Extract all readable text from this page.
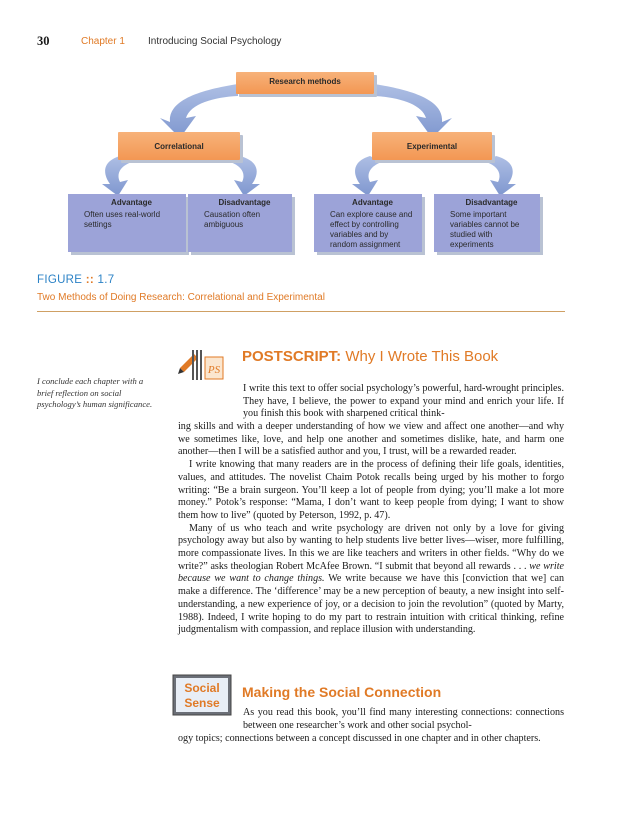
30	Chapter 1 Introducing Social Psychology
Research methods
Correlational	Experimental
Advantage
Often uses real-world settings
Disadvantage
Causation often ambiguous
Advantage
Can explore cause and effect by controlling variables and by random assignment
Disadvantage
Some important variables cannot be studied with experiments
FIGURE :: 1.7
Two Methods of Doing Research: Correlational and Experimental
I conclude each chapter with a brief reflection on social psychology’s human significance.
PS
POSTSCRIPT: Why I Wrote This Book

I write this text to offer social psychology’s powerful, hard-wrought principles. They have, I believe, the power to expand your mind and enrich your life. If you finish this book with sharpened critical think-

ing skills and with a deeper understanding of how we view and affect one another—and why we sometimes like, love, and help one another and sometimes dislike, hate, and harm one another—then I will be a satisfied author and you, I trust, will be a rewarded reader.

I write knowing that many readers are in the process of defining their life goals, identities, values, and attitudes. The novelist Chaim Potok recalls being urged by his mother to forgo writing: “Be a brain surgeon. You’ll keep a lot of people from dying; you’ll make a lot more money.” Potok’s response: “Mama, I don’t want to keep people from dying; I want to show them how to live” (quoted by Peterson, 1992, p. 47).

Many of us who teach and write psychology are driven not only by a love for giving psychology away but also by wanting to help students live better lives—wiser, more fulfilling, more compassionate lives. In this we are like teachers and writers in other fields. “Why do we write?” asks theologian Robert McAfee Brown. “I submit that beyond all rewards . . . we write because we want to change things. We write because we have this [conviction that we] can make a difference. The ‘difference’ may be a new perception of beauty, a new insight into self-understanding, a new experience of joy, or a decision to join the revolution” (quoted by Marty, 1988). Indeed, I write hoping to do my part to restrain intuition with critical thinking, refine judgmentalism with compassion, and replace illusion with understanding.

Social
Sense
Making the Social Connection

As you read this book, you’ll find many interesting connections: connections between one researcher’s work and other social psychol-

ogy topics; connections between a concept discussed in one chapter and in other chapters.
